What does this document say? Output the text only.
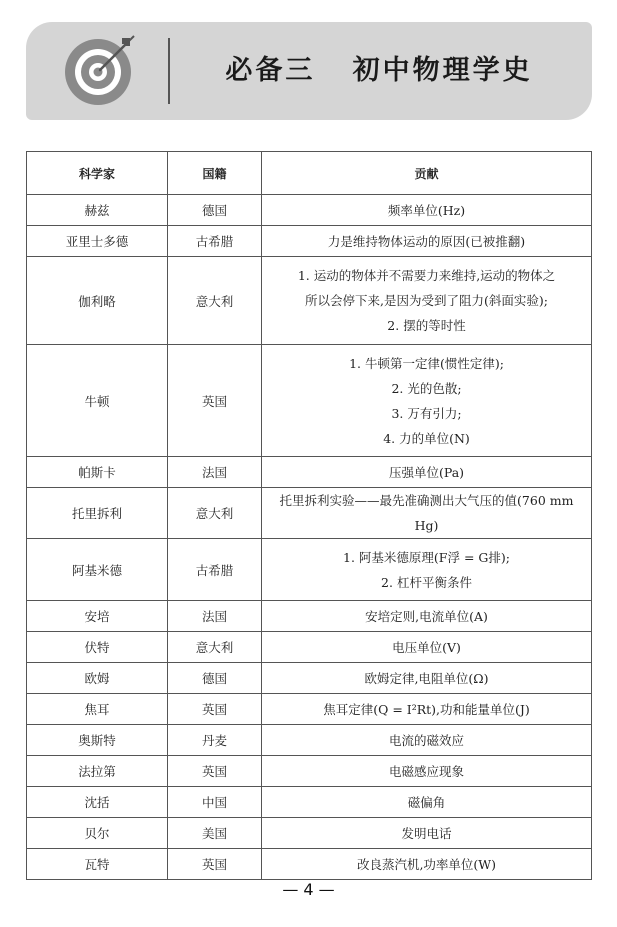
必备三   初中物理学史
科学家	国籍	贡献
赫兹	德国	频率单位(Hz)

亚里士多德	古希腊	力是维持物体运动的原因(已被推翻)

伽利略	意大利	1. 运动的物体并不需要力来维持,运动的物体之
所以会停下来,是因为受到了阻力(斜面实验);
2. 摆的等时性

牛顿	英国	1. 牛顿第一定律(惯性定律);
2. 光的色散;
3. 万有引力;
4. 力的单位(N)

帕斯卡	法国	压强单位(Pa)

托里拆利	意大利	托里拆利实验——最先准确测出大气压的值(760 mm Hg)

阿基米德	古希腊	1. 阿基米德原理(F浮 = G排);
2. 杠杆平衡条件

安培	法国	安培定则,电流单位(A)

伏特	意大利	电压单位(V)

欧姆	德国	欧姆定律,电阻单位(Ω)

焦耳	英国	焦耳定律(Q = I²Rt),功和能量单位(J)

奥斯特	丹麦	电流的磁效应

法拉第	英国	电磁感应现象

沈括	中国	磁偏角

贝尔	美国	发明电话

瓦特	英国	改良蒸汽机,功率单位(W)
— 4 —
